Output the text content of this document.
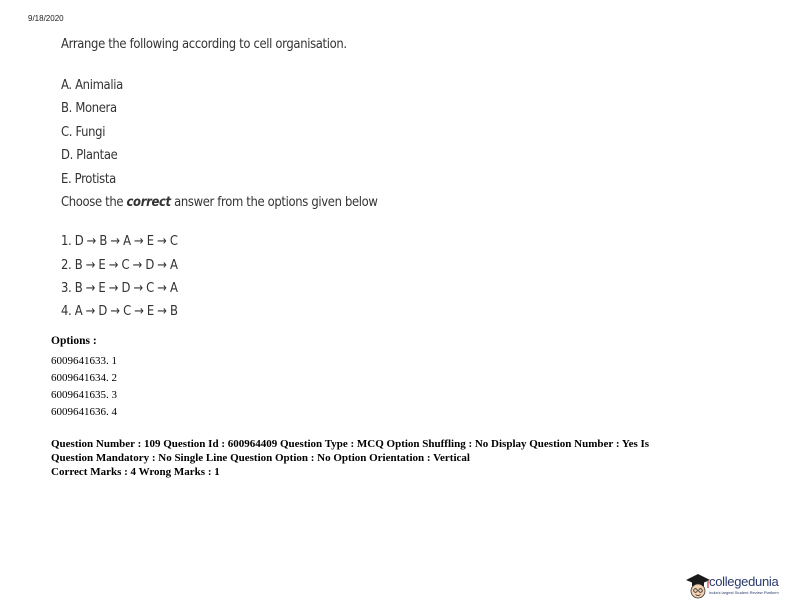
9/18/2020
Arrange the following according to cell organisation.
A. Animalia
B. Monera
C. Fungi
D. Plantae
E. Protista
Choose the correct answer from the options given below
1. D → B → A → E → C
2. B → E → C → D → A
3. B → E → D → C → A
4. A → D → C → E → B
Options :
6009641633. 1
6009641634. 2
6009641635. 3
6009641636. 4
Question Number : 109 Question Id : 600964409 Question Type : MCQ Option Shuffling : No Display Question Number : Yes Is
Question Mandatory : No Single Line Question Option : No Option Orientation : Vertical
Correct Marks : 4 Wrong Marks : 1
collegedunia
India's largest Student Review Platform
